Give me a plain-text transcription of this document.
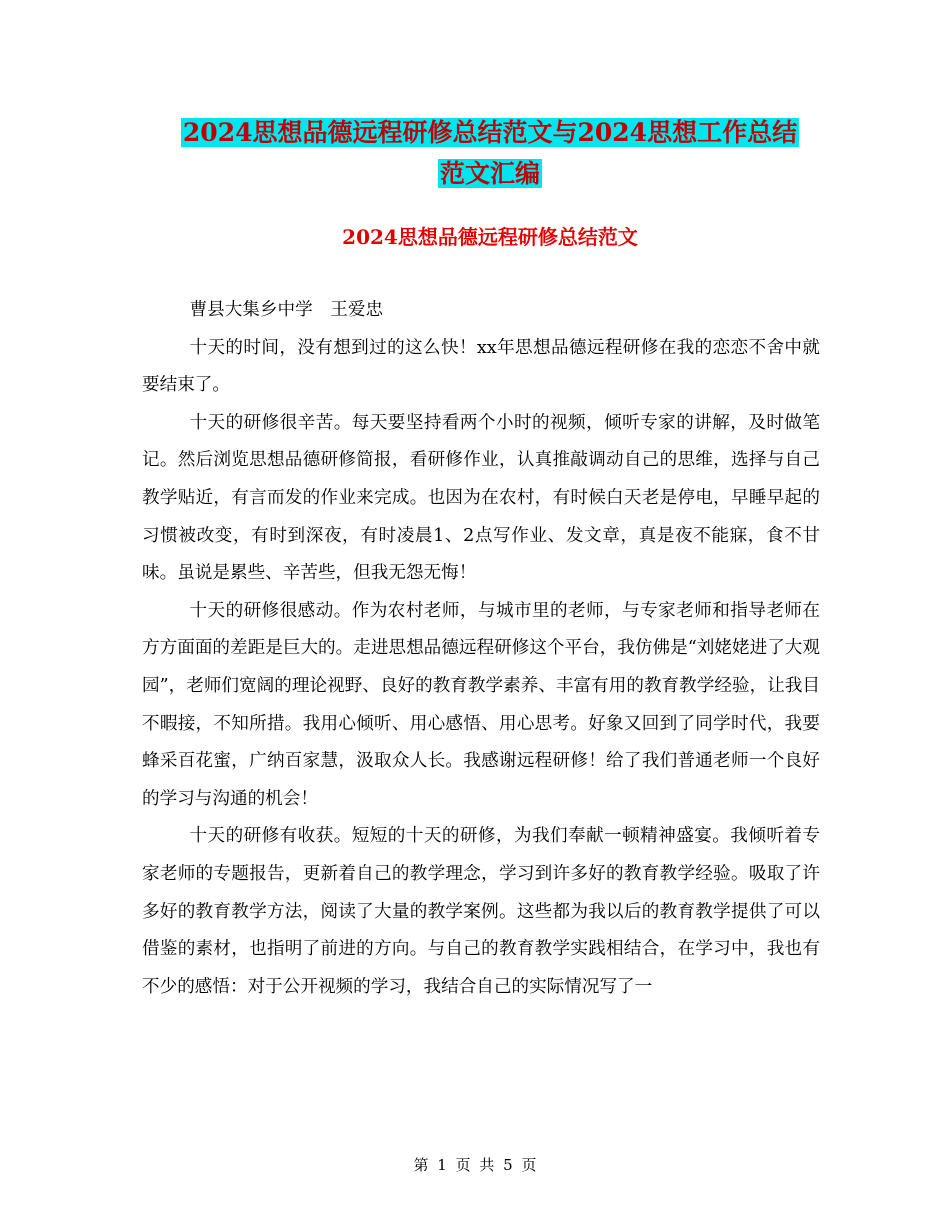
2024思想品德远程研修总结范文与2024思想工作总结
范文汇编
2024思想品德远程研修总结范文

曹县大集乡中学　王爱忠

十天的时间，没有想到过的这么快！xx年思想品德远程研修在我的恋恋不舍中就要结束了。

十天的研修很辛苦。每天要坚持看两个小时的视频，倾听专家的讲解，及时做笔记。然后浏览思想品德研修简报，看研修作业，认真推敲调动自己的思维，选择与自己教学贴近，有言而发的作业来完成。也因为在农村，有时候白天老是停电，早睡早起的习惯被改变，有时到深夜，有时凌晨1、2点写作业、发文章，真是夜不能寐，食不甘味。虽说是累些、辛苦些，但我无怨无悔！

十天的研修很感动。作为农村老师，与城市里的老师，与专家老师和指导老师在方方面面的差距是巨大的。走进思想品德远程研修这个平台，我仿佛是“刘姥姥进了大观园”，老师们宽阔的理论视野、良好的教育教学素养、丰富有用的教育教学经验，让我目不暇接，不知所措。我用心倾听、用心感悟、用心思考。好象又回到了同学时代，我要蜂采百花蜜，广纳百家慧，汲取众人长。我感谢远程研修！给了我们普通老师一个良好的学习与沟通的机会！

十天的研修有收获。短短的十天的研修，为我们奉献一顿精神盛宴。我倾听着专家老师的专题报告，更新着自己的教学理念，学习到许多好的教育教学经验。吸取了许多好的教育教学方法，阅读了大量的教学案例。这些都为我以后的教育教学提供了可以借鉴的素材，也指明了前进的方向。与自己的教育教学实践相结合，在学习中，我也有不少的感悟：对于公开视频的学习，我结合自己的实际情况写了一

第 1 页 共 5 页
